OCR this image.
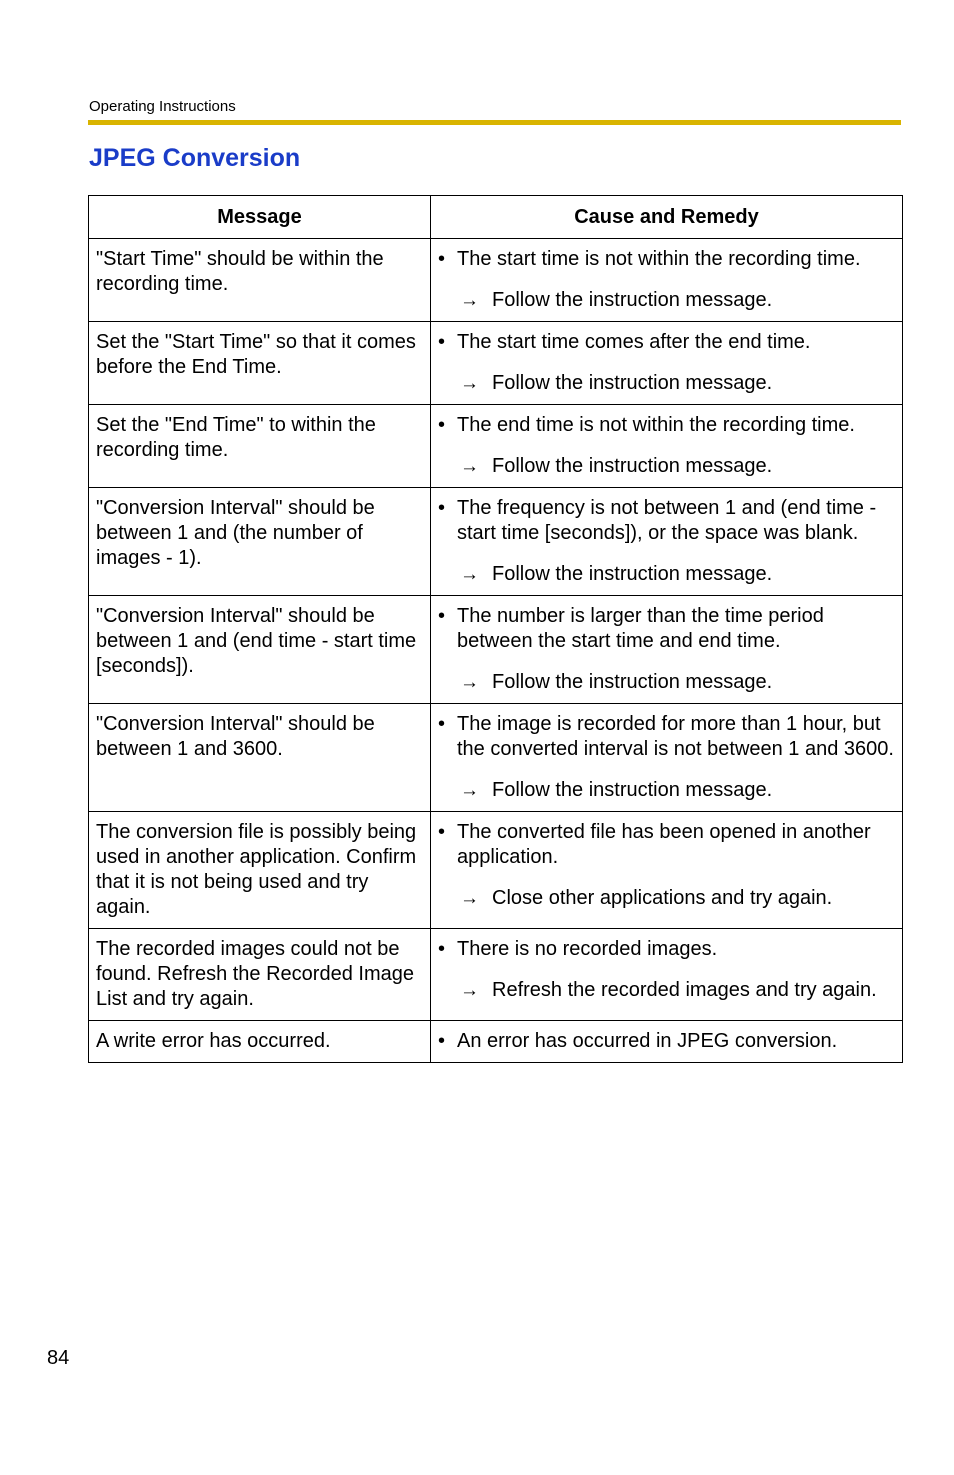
Operating Instructions
JPEG Conversion
Message	Cause and Remedy
"Start Time" should be within the recording time.	• The start time is not within the recording time.
→ Follow the instruction message.

Set the "Start Time" so that it comes before the End Time.	• The start time comes after the end time.
→ Follow the instruction message.

Set the "End Time" to within the recording time.	• The end time is not within the recording time.
→ Follow the instruction message.

"Conversion Interval" should be between 1 and (the number of images - 1).	• The frequency is not between 1 and (end time - start time [seconds]), or the space was blank.
→ Follow the instruction message.

"Conversion Interval" should be between 1 and (end time - start time [seconds]).	• The number is larger than the time period between the start time and end time.
→ Follow the instruction message.

"Conversion Interval" should be between 1 and 3600.	• The image is recorded for more than 1 hour, but the converted interval is not between 1 and 3600.
→ Follow the instruction message.

The conversion file is possibly being used in another application. Confirm that it is not being used and try again.	• The converted file has been opened in another application.
→ Close other applications and try again.

The recorded images could not be found. Refresh the Recorded Image List and try again.	• There is no recorded images.
→ Refresh the recorded images and try again.

A write error has occurred.	• An error has occurred in JPEG conversion.
84
